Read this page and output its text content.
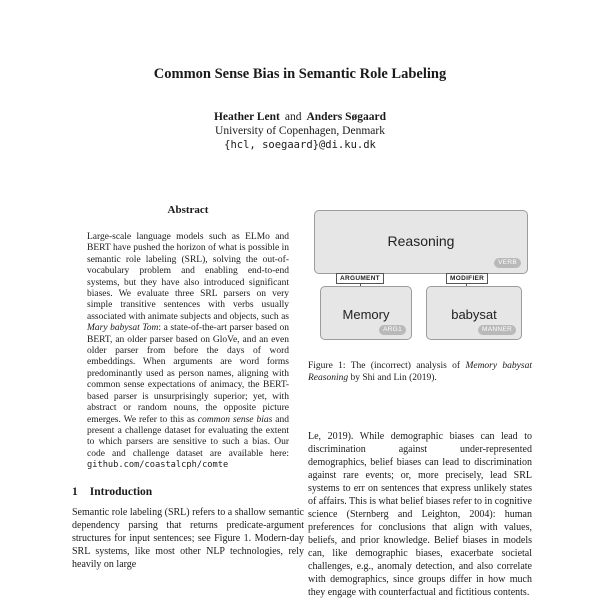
Common Sense Bias in Semantic Role Labeling
Heather Lent and Anders Søgaard
University of Copenhagen, Denmark
{hcl, soegaard}@di.ku.dk
Abstract

Large-scale language models such as ELMo and BERT have pushed the horizon of what is possible in semantic role labeling (SRL), solving the out-of-vocabulary problem and enabling end-to-end systems, but they have also introduced significant biases. We evaluate three SRL parsers on very simple transitive sentences with verbs usually associated with animate subjects and objects, such as Mary babysat Tom: a state-of-the-art parser based on BERT, an older parser based on GloVe, and an even older parser from before the days of word embeddings. When arguments are word forms predominantly used as person names, aligning with common sense expectations of animacy, the BERT-based parser is unsurprisingly superior; yet, with abstract or random nouns, the opposite picture emerges. We refer to this as common sense bias and present a challenge dataset for evaluating the extent to which parsers are sensitive to such a bias. Our code and challenge dataset are available here: github.com/coastalcph/comte

1 Introduction

Semantic role labeling (SRL) refers to a shallow semantic dependency parsing that returns predicate-argument structures for input sentences; see Figure 1. Modern-day SRL systems, like most other NLP technologies, rely heavily on large

Reasoning
VERB
ARGUMENT	MODIFIER
Memory
ARG1
babysat
MANNER
Figure 1: The (incorrect) analysis of Memory babysat Reasoning by Shi and Lin (2019).

Le, 2019). While demographic biases can lead to discrimination against under-represented demographics, belief biases can lead to discrimination against rare events; or, more precisely, lead SRL systems to err on sentences that express unlikely states of affairs. This is what belief biases refer to in cognitive science (Sternberg and Leighton, 2004): human preferences for conclusions that align with values, beliefs, and prior knowledge. Belief biases in models can, like demographic biases, exacerbate societal challenges, e.g., anomaly detection, and also correlate with demographics, since groups differ in how much they engage with counterfactual and fictitious contents.
